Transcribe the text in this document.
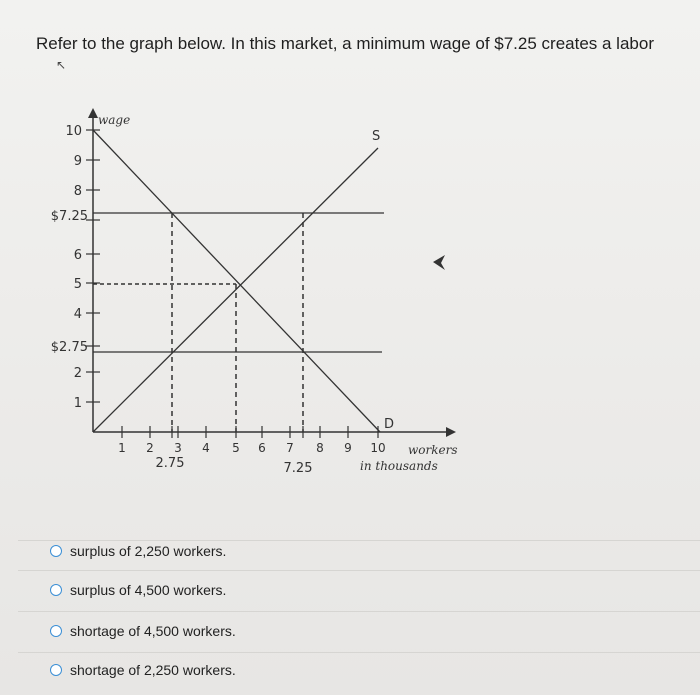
Refer to the graph below. In this market, a minimum wage of $7.25 creates a labor
↖
10
9
8
$7.25
6
5
4
$2.75
2
1
1 2 3 4 5 6 7 8 9 10
2.75	7.25
wage
workers
in thousands
S
D
surplus of 2,250 workers.
surplus of 4,500 workers.
shortage of 4,500 workers.
shortage of 2,250 workers.
